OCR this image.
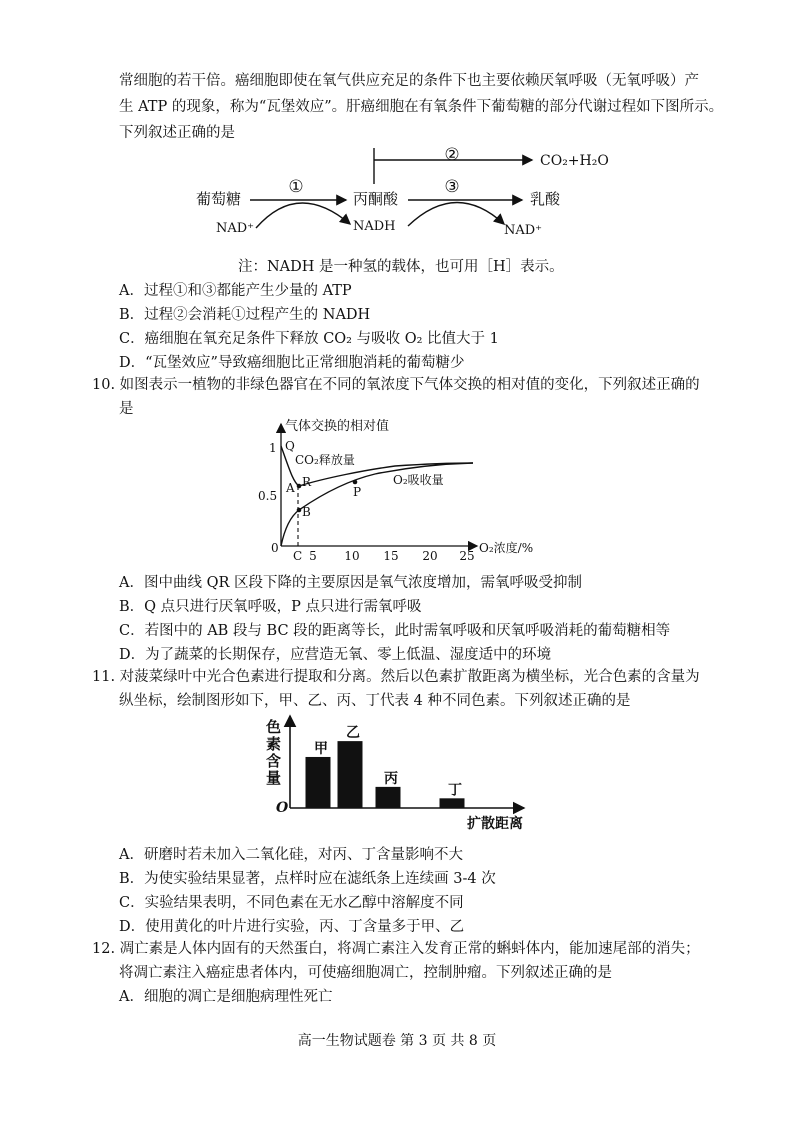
常细胞的若干倍。癌细胞即使在氧气供应充足的条件下也主要依赖厌氧呼吸（无氧呼吸）产
生 ATP 的现象，称为“瓦堡效应”。肝癌细胞在有氧条件下葡萄糖的部分代谢过程如下图所示。
下列叙述正确的是
②	CO₂+H₂O
葡萄糖
①
NAD⁺
丙酮酸
NADH
③
乳酸
NAD⁺
注：NADH 是一种氢的载体，也可用［H］表示。
A．过程①和③都能产生少量的 ATP
B．过程②会消耗①过程产生的 NADH
C．癌细胞在氧充足条件下释放 CO₂ 与吸收 O₂ 比值大于 1
D．“瓦堡效应”导致癌细胞比正常细胞消耗的葡萄糖少
10. 如图表示一植物的非绿色器官在不同的氧浓度下气体交换的相对值的变化，下列叙述正确的
是
气体交换的相对值
O₂浓度/%
0
1
0.5
5 10 15 20 25
C
Q
CO₂释放量
A R
B
P
O₂吸收量
A．图中曲线 QR 区段下降的主要原因是氧气浓度增加，需氧呼吸受抑制
B．Q 点只进行厌氧呼吸，P 点只进行需氧呼吸
C．若图中的 AB 段与 BC 段的距离等长，此时需氧呼吸和厌氧呼吸消耗的葡萄糖相等
D．为了蔬菜的长期保存，应营造无氧、零上低温、湿度适中的环境
11. 对菠菜绿叶中光合色素进行提取和分离。然后以色素扩散距离为横坐标，光合色素的含量为
纵坐标，绘制图形如下，甲、乙、丙、丁代表 4 种不同色素。下列叙述正确的是
色
素
含
量
O
扩散距离
甲
乙
丙
丁
A．研磨时若未加入二氧化硅，对丙、丁含量影响不大
B．为使实验结果显著，点样时应在滤纸条上连续画 3-4 次
C．实验结果表明，不同色素在无水乙醇中溶解度不同
D．使用黄化的叶片进行实验，丙、丁含量多于甲、乙
12. 凋亡素是人体内固有的天然蛋白，将凋亡素注入发育正常的蝌蚪体内，能加速尾部的消失；
将凋亡素注入癌症患者体内，可使癌细胞凋亡，控制肿瘤。下列叙述正确的是
A．细胞的凋亡是细胞病理性死亡
高一生物试题卷 第 3 页 共 8 页
